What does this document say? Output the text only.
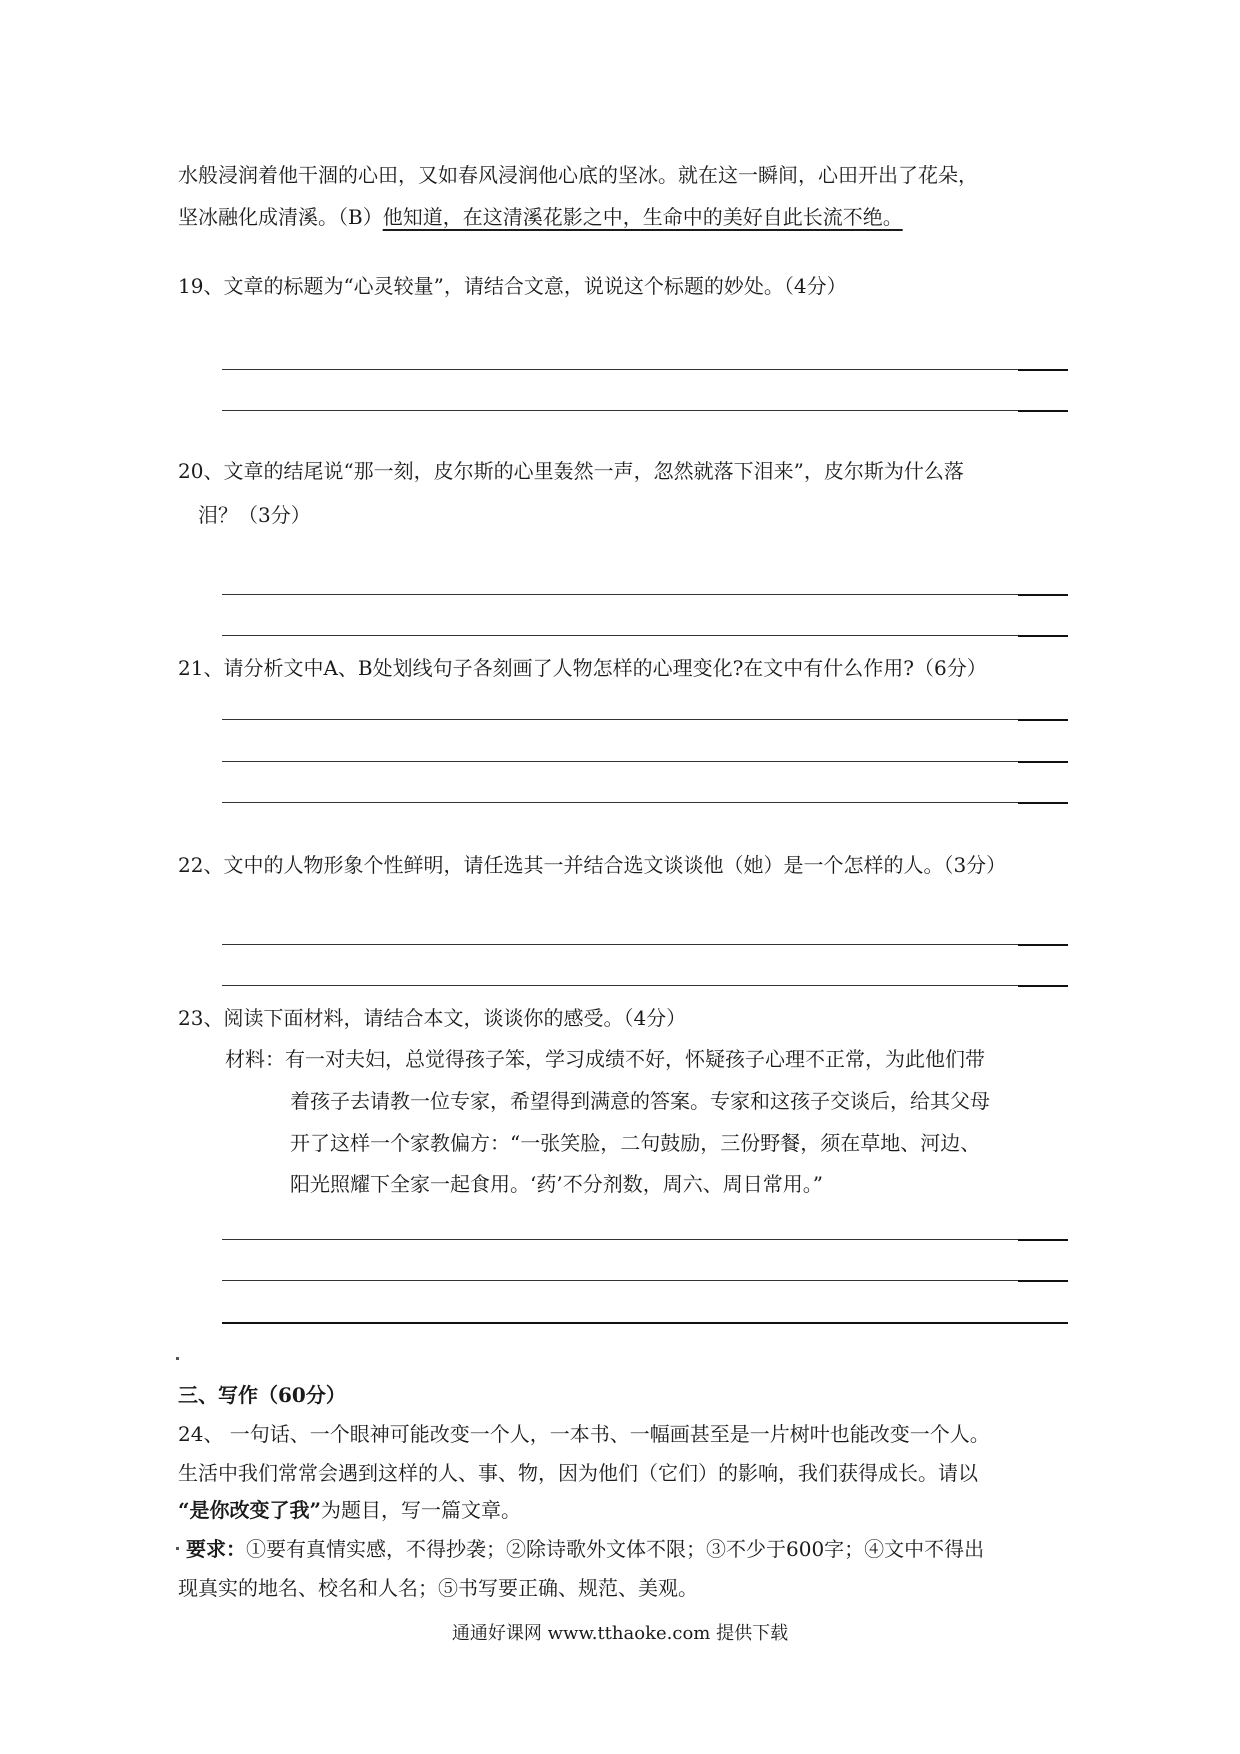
水般浸润着他干涸的心田，又如春风浸润他心底的坚冰。就在这一瞬间，心田开出了花朵，
坚冰融化成清溪。（B）他知道，在这清溪花影之中，生命中的美好自此长流不绝。
19、文章的标题为“心灵较量”，请结合文意，说说这个标题的妙处。（4分）
20、文章的结尾说“那一刻，皮尔斯的心里轰然一声，忽然就落下泪来”，皮尔斯为什么落
泪？（3分）
21、请分析文中A、B处划线句子各刻画了人物怎样的心理变化?在文中有什么作用?（6分）
22、文中的人物形象个性鲜明，请任选其一并结合选文谈谈他（她）是一个怎样的人。（3分）
23、阅读下面材料，请结合本文，谈谈你的感受。（4分）
材料：有一对夫妇，总觉得孩子笨，学习成绩不好，怀疑孩子心理不正常，为此他们带
着孩子去请教一位专家，希望得到满意的答案。专家和这孩子交谈后，给其父母
开了这样一个家教偏方：“一张笑脸，二句鼓励，三份野餐，须在草地、河边、
阳光照耀下全家一起食用。‘药’不分剂数，周六、周日常用。”
三、写作（60分）
24、 一句话、一个眼神可能改变一个人，一本书、一幅画甚至是一片树叶也能改变一个人。
生活中我们常常会遇到这样的人、事、物，因为他们（它们）的影响，我们获得成长。请以
“是你改变了我”为题目，写一篇文章。
要求：①要有真情实感，不得抄袭；②除诗歌外文体不限；③不少于600字；④文中不得出
现真实的地名、校名和人名；⑤书写要正确、规范、美观。
通通好课网 www.tthaoke.com 提供下载
